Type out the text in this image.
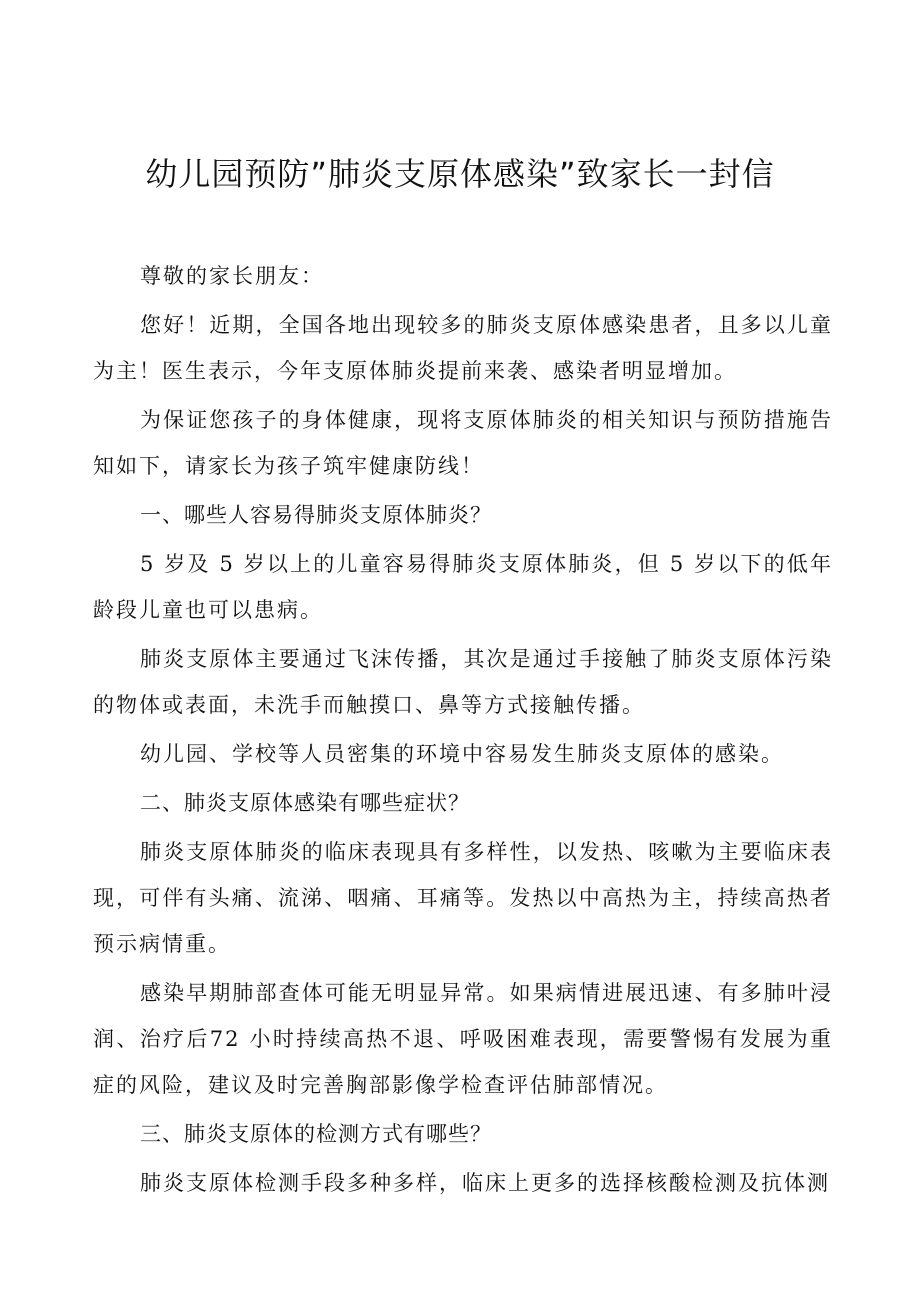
幼儿园预防”肺炎支原体感染”致家长一封信

尊敬的家长朋友：

您好！近期，全国各地出现较多的肺炎支原体感染患者，且多以儿童为主！医生表示，今年支原体肺炎提前来袭、感染者明显增加。

为保证您孩子的身体健康，现将支原体肺炎的相关知识与预防措施告知如下，请家长为孩子筑牢健康防线！

一、哪些人容易得肺炎支原体肺炎？

5 岁及 5 岁以上的儿童容易得肺炎支原体肺炎，但 5 岁以下的低年龄段儿童也可以患病。

肺炎支原体主要通过飞沫传播，其次是通过手接触了肺炎支原体污染的物体或表面，未洗手而触摸口、鼻等方式接触传播。

幼儿园、学校等人员密集的环境中容易发生肺炎支原体的感染。

二、肺炎支原体感染有哪些症状？

肺炎支原体肺炎的临床表现具有多样性，以发热、咳嗽为主要临床表现，可伴有头痛、流涕、咽痛、耳痛等。发热以中高热为主，持续高热者预示病情重。

感染早期肺部查体可能无明显异常。如果病情进展迅速、有多肺叶浸润、治疗后72 小时持续高热不退、呼吸困难表现，需要警惕有发展为重症的风险，建议及时完善胸部影像学检查评估肺部情况。

三、肺炎支原体的检测方式有哪些？

肺炎支原体检测手段多种多样，临床上更多的选择核酸检测及抗体测
